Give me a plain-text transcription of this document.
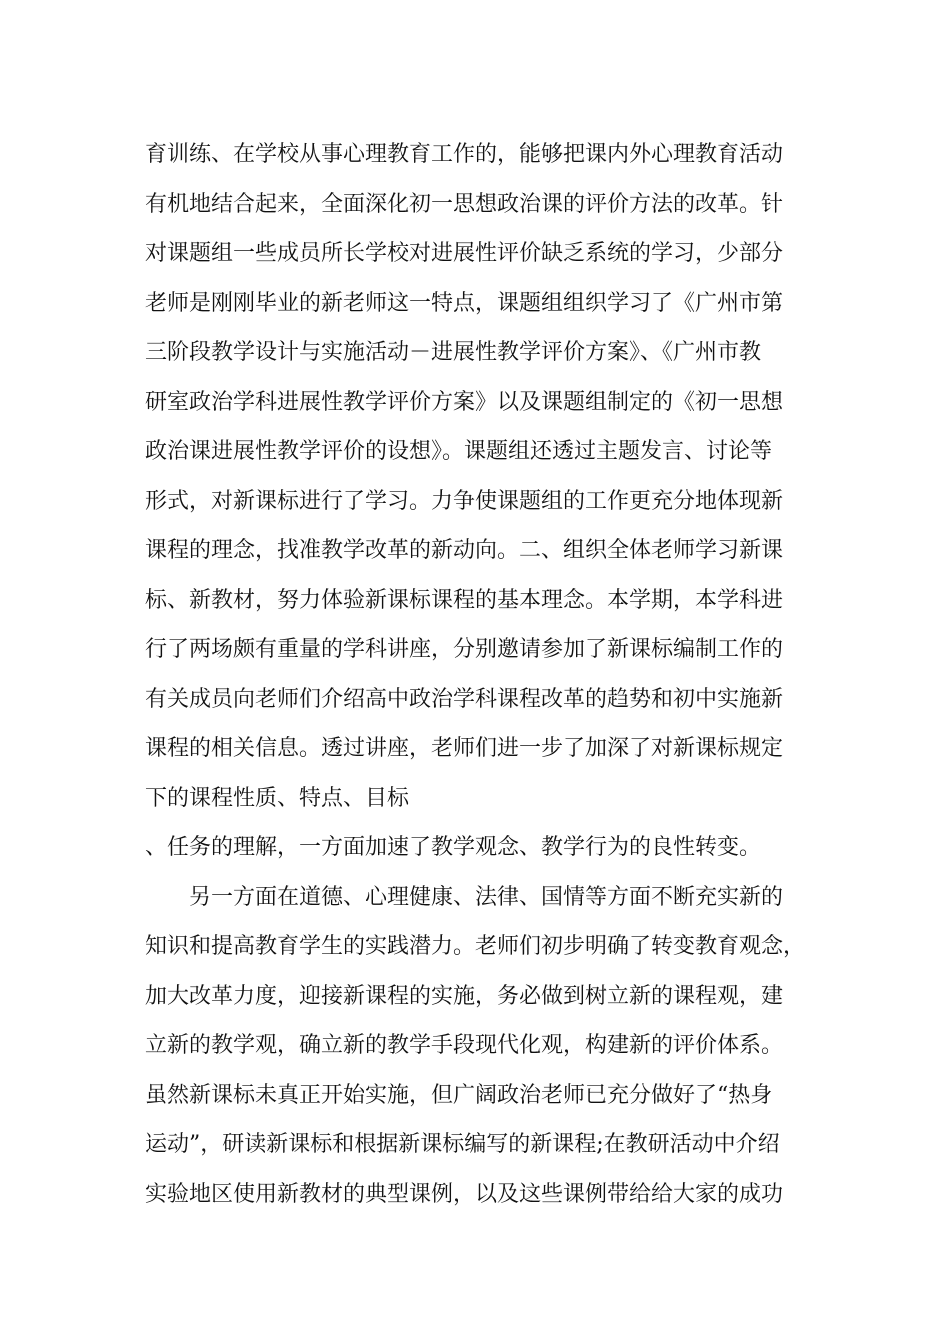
育训练、在学校从事心理教育工作的，能够把课内外心理教育活动
有机地结合起来，全面深化初一思想政治课的评价方法的改革。针
对课题组一些成员所长学校对进展性评价缺乏系统的学习，少部分
老师是刚刚毕业的新老师这一特点，课题组组织学习了《广州市第
三阶段教学设计与实施活动－进展性教学评价方案》、《广州市教
研室政治学科进展性教学评价方案》以及课题组制定的《初一思想
政治课进展性教学评价的设想》。课题组还透过主题发言、讨论等
形式，对新课标进行了学习。力争使课题组的工作更充分地体现新
课程的理念，找准教学改革的新动向。二、组织全体老师学习新课
标、新教材，努力体验新课标课程的基本理念。本学期，本学科进
行了两场颇有重量的学科讲座，分别邀请参加了新课标编制工作的
有关成员向老师们介绍高中政治学科课程改革的趋势和初中实施新
课程的相关信息。透过讲座，老师们进一步了加深了对新课标规定
下的课程性质、特点、目标
、任务的理解，一方面加速了教学观念、教学行为的良性转变。
另一方面在道德、心理健康、法律、国情等方面不断充实新的
知识和提高教育学生的实践潜力。老师们初步明确了转变教育观念，
加大改革力度，迎接新课程的实施，务必做到树立新的课程观，建
立新的教学观，确立新的教学手段现代化观，构建新的评价体系。
虽然新课标未真正开始实施，但广阔政治老师已充分做好了“热身
运动”，研读新课标和根据新课标编写的新课程;在教研活动中介绍
实验地区使用新教材的典型课例，以及这些课例带给给大家的成功
